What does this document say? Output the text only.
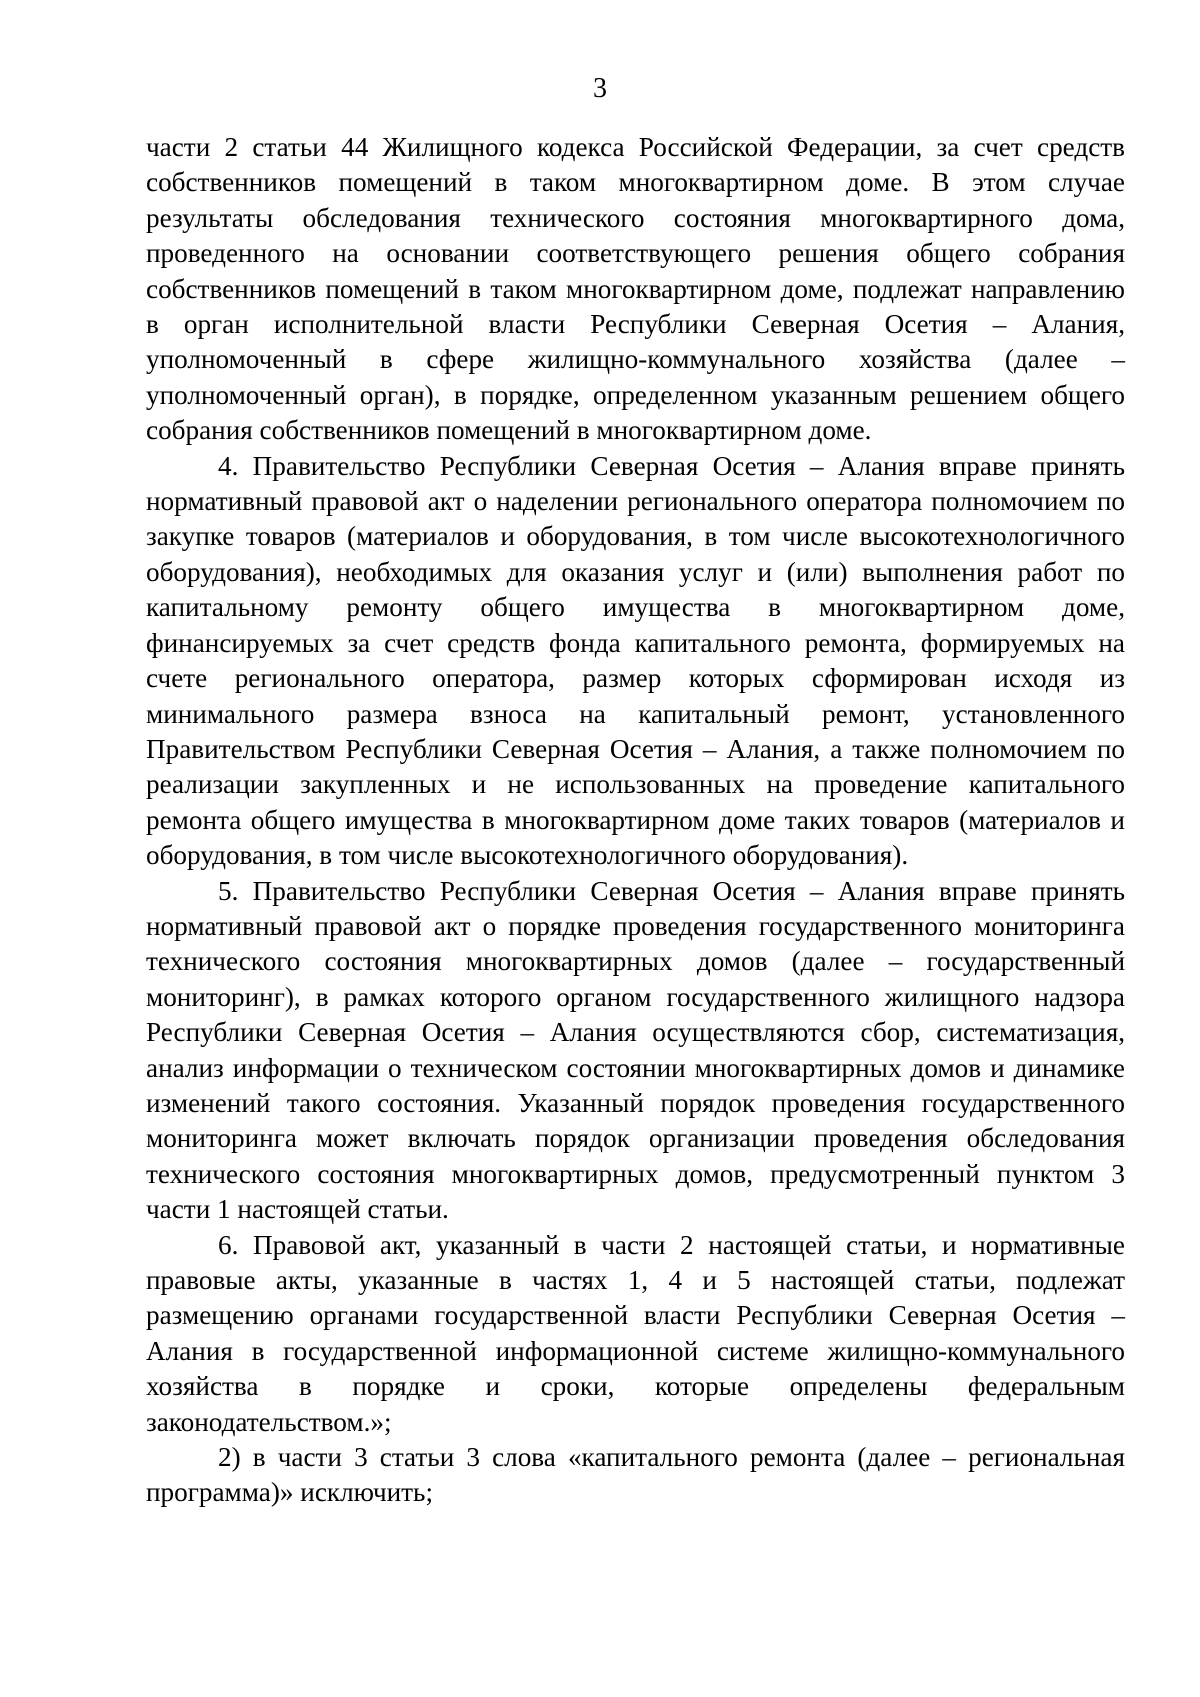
3

части 2 статьи 44 Жилищного кодекса Российской Федерации, за счет средств собственников помещений в таком многоквартирном доме. В этом случае результаты обследования технического состояния многоквартирного дома, проведенного на основании соответствующего решения общего собрания собственников помещений в таком многоквартирном доме, подлежат направлению в орган исполнительной власти Республики Северная Осетия – Алания, уполномоченный в сфере жилищно-коммунального хозяйства (далее – уполномоченный орган), в порядке, определенном указанным решением общего собрания собственников помещений в многоквартирном доме.

4. Правительство Республики Северная Осетия – Алания вправе принять нормативный правовой акт о наделении регионального оператора полномочием по закупке товаров (материалов и оборудования, в том числе высокотехнологичного оборудования), необходимых для оказания услуг и (или) выполнения работ по капитальному ремонту общего имущества в многоквартирном доме, финансируемых за счет средств фонда капитального ремонта, формируемых на счете регионального оператора, размер которых сформирован исходя из минимального размера взноса на капитальный ремонт, установленного Правительством Республики Северная Осетия – Алания, а также полномочием по реализации закупленных и не использованных на проведение капитального ремонта общего имущества в многоквартирном доме таких товаров (материалов и оборудования, в том числе высокотехнологичного оборудования).

5. Правительство Республики Северная Осетия – Алания вправе принять нормативный правовой акт о порядке проведения государственного мониторинга технического состояния многоквартирных домов (далее – государственный мониторинг), в рамках которого органом государственного жилищного надзора Республики Северная Осетия – Алания осуществляются сбор, систематизация, анализ информации о техническом состоянии многоквартирных домов и динамике изменений такого состояния. Указанный порядок проведения государственного мониторинга может включать порядок организации проведения обследования технического состояния многоквартирных домов, предусмотренный пунктом 3 части 1 настоящей статьи.

6. Правовой акт, указанный в части 2 настоящей статьи, и нормативные правовые акты, указанные в частях 1, 4 и 5 настоящей статьи, подлежат размещению органами государственной власти Республики Северная Осетия – Алания в государственной информационной системе жилищно-коммунального хозяйства в порядке и сроки, которые определены федеральным законодательством.»;

2) в части 3 статьи 3 слова «капитального ремонта (далее – региональная программа)» исключить;
